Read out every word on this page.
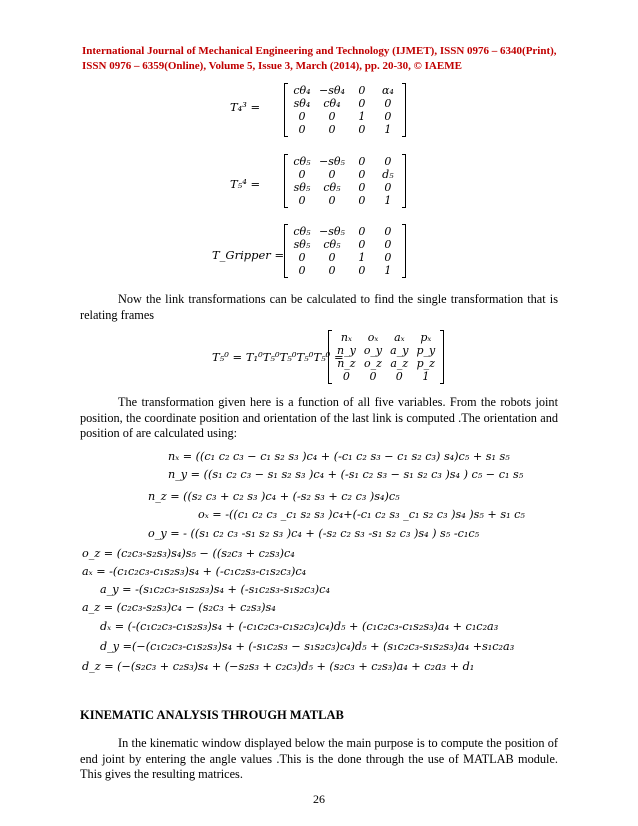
International Journal of Mechanical Engineering and Technology (IJMET), ISSN 0976 – 6340(Print),
ISSN 0976 – 6359(Online), Volume 5, Issue 3, March (2014), pp. 20-30, © IAEME
T₄³ =
cθ₄ −sθ₄	0	α₄
sθ₄	cθ₄	0	0
0	0	1	0
0	0	0	1
T₅⁴ =
cθ₅ −sθ₅	0	0
0	0	0	d₅
sθ₅	cθ₅	0	0
0	0	0	1
T_Gripper =
cθ₅ −sθ₅	0	0
sθ₅	cθ₅	0	0
0	0	1	0
0	0	0	1
Now the link transformations can be calculated to find the single transformation that is relating frames
T₅⁰ = T₁⁰T₅⁰T₅⁰T₅⁰T₅⁰ =
nₓ	oₓ	aₓ	pₓ
n_y o_y a_y p_y
n_z o_z a_z p_z
0	0	0	1
The transformation given here is a function of all five variables. From the robots joint position, the coordinate position and orientation of the last link is computed .The orientation and position of are calculated using:
nₓ = ((c₁ c₂ c₃ − c₁ s₂ s₃ )c₄ + (-c₁ c₂ s₃ − c₁ s₂ c₃) s₄)c₅ + s₁ s₅
n_y = ((s₁ c₂ c₃ − s₁ s₂ s₃ )c₄ + (-s₁ c₂ s₃ − s₁ s₂ c₃ )s₄ ) c₅ − c₁ s₅
n_z = ((s₂ c₃ + c₂ s₃ )c₄ + (-s₂ s₃ + c₂ c₃ )s₄)c₅
oₓ = -((c₁ c₂ c₃ _c₁ s₂ s₃ )c₄+(-c₁ c₂ s₃ _c₁ s₂ c₃ )s₄ )s₅ + s₁ c₅
o_y = - ((s₁ c₂ c₃ -s₁ s₂ s₃ )c₄ + (-s₂ c₂ s₃ -s₁ s₂ c₃ )s₄ ) s₅ -c₁c₅
o_z = (c₂c₃-s₂s₃)s₄)s₅ − ((s₂c₃ + c₂s₃)c₄
aₓ = -(c₁c₂c₃-c₁s₂s₃)s₄ + (-c₁c₂s₃-c₁s₂c₃)c₄
a_y = -(s₁c₂c₃-s₁s₂s₃)s₄ + (-s₁c₂s₃-s₁s₂c₃)c₄
a_z = (c₂c₃-s₂s₃)c₄ − (s₂c₃ + c₂s₃)s₄
dₓ = (-(c₁c₂c₃-c₁s₂s₃)s₄ + (-c₁c₂c₃-c₁s₂c₃)c₄)d₅ + (c₁c₂c₃-c₁s₂s₃)a₄ + c₁c₂a₃
d_y =(−(c₁c₂c₃-c₁s₂s₃)s₄ + (-s₁c₂s₃ − s₁s₂c₃)c₄)d₅ + (s₁c₂c₃-s₁s₂s₃)a₄ +s₁c₂a₃
d_z = (−(s₂c₃ + c₂s₃)s₄ + (−s₂s₃ + c₂c₃)d₅ + (s₂c₃ + c₂s₃)a₄ + c₂a₃ + d₁
KINEMATIC ANALYSIS THROUGH MATLAB
In the kinematic window displayed below the main purpose is to compute the position of end joint by entering the angle values .This is the done through the use of MATLAB module. This gives the resulting matrices.
26
